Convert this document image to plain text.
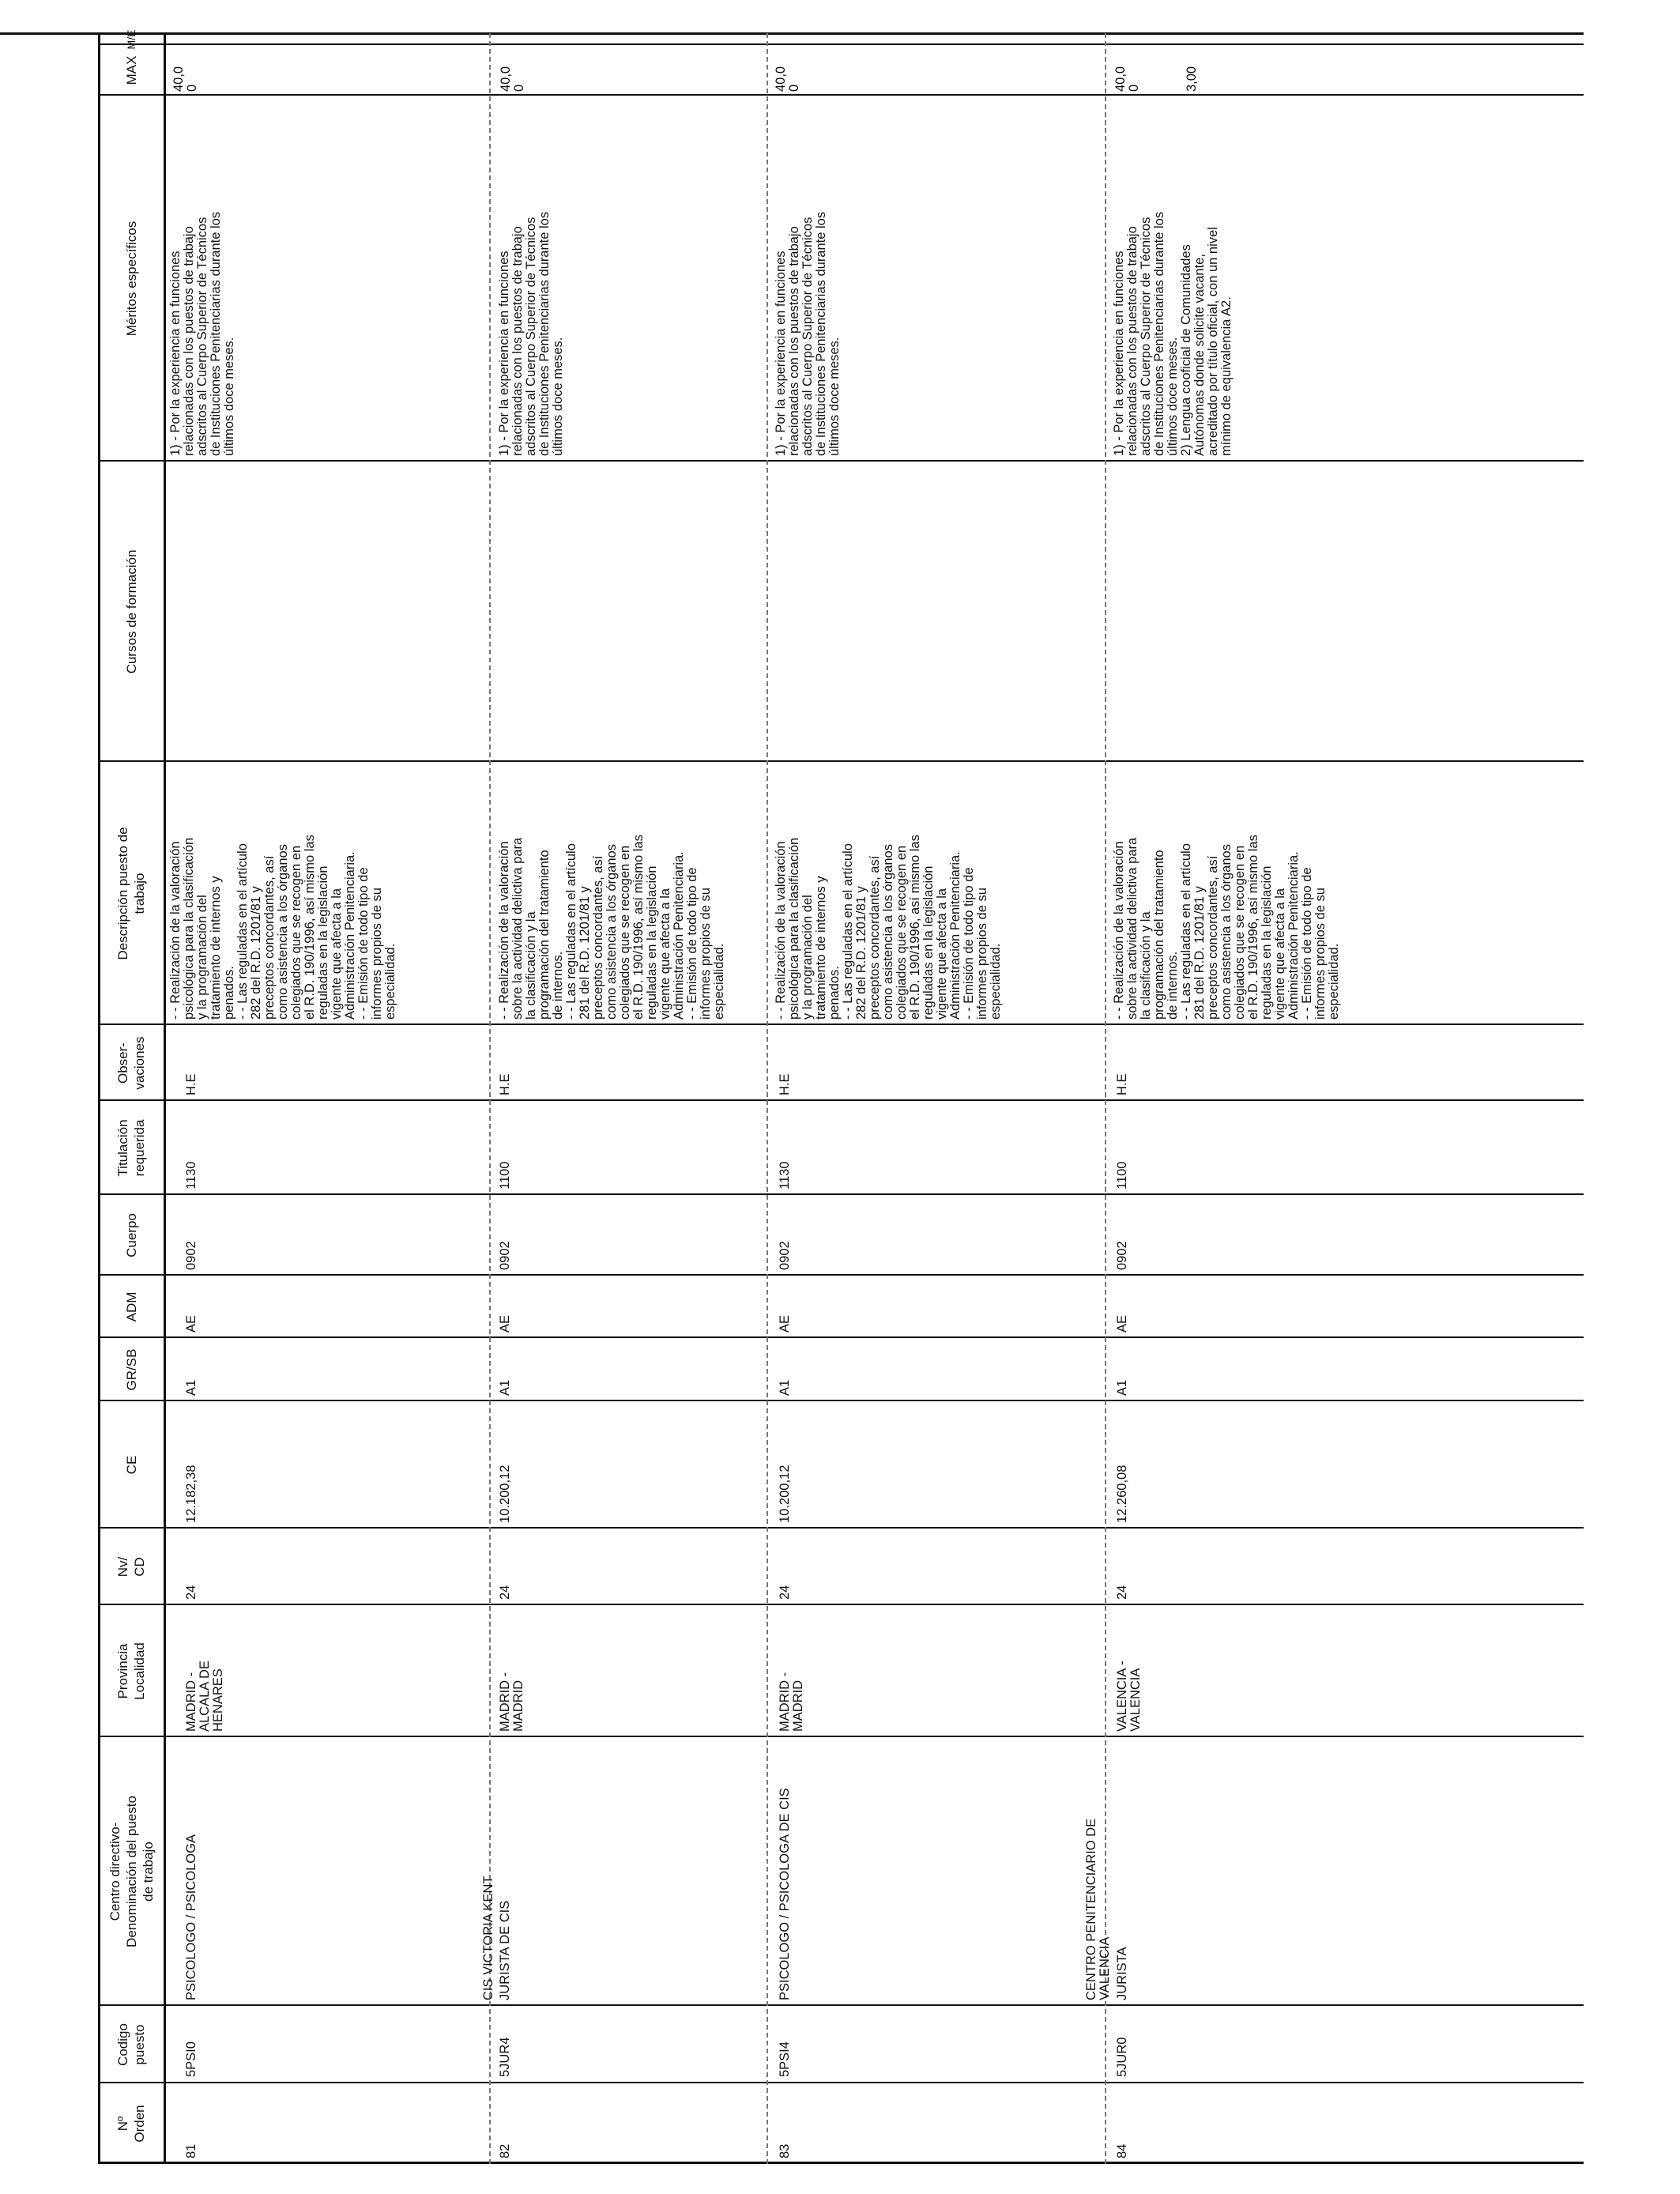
Nº
Orden
Codigo
puesto
Centro directivo-
Denominación del puesto
de trabajo
Provincia
Localidad
Nv/
CD
CE
GR/SB
ADM
Cuerpo
Titulación
requerida
Obser-
vaciones
Descripción puesto de
trabajo
Cursos de formación
Méritos específicos
MAX
M/E
81
5PSI0
PSICOLOGO / PSICOLOGA
MADRID -
ALCALA DE
HENARES
24
12.182,38
A1
AE
0902
1130
H.E
- - Realización de la valoración
psicológica para la clasificación
y la programación del
tratamiento de internos y
penados.
- - Las reguladas en el artículo
282 del R.D. 1201/81 y
preceptos concordantes, así
como asistencia a los órganos
colegiados que se recogen en
el R.D. 190/1996, así mismo las
reguladas en la legislación
vigente que afecta a la
Administración Penitenciaria.
- - Emisión de todo tipo de
informes propios de su
especialidad.
1) - Por la experiencia en funciones
relacionadas con los puestos de trabajo
adscritos al Cuerpo Superior de Técnicos
de Instituciones Penitenciarias durante los
últimos doce meses.
40,0
0
82
5JUR4
CIS VICTORIA KENT JURISTA DE CIS
MADRID -
MADRID
24
10.200,12
A1
AE
0902
1100
H.E
- - Realización de la valoración
sobre la actividad delictiva para
la clasificación y la
programación del tratamiento
de internos.
- - Las reguladas en el artículo
281 del R.D. 1201/81 y
preceptos concordantes, así
como asistencia a los órganos
colegiados que se recogen en
el R.D. 190/1996, así mismo las
reguladas en la legislación
vigente que afecta a la
Administración Penitenciaria.
- - Emisión de todo tipo de
informes propios de su
especialidad.
1) - Por la experiencia en funciones
relacionadas con los puestos de trabajo
adscritos al Cuerpo Superior de Técnicos
de Instituciones Penitenciarias durante los
últimos doce meses.
40,0
0
83
5PSI4
PSICOLOGO / PSICOLOGA DE CIS
MADRID -
MADRID
24
10.200,12
A1
AE
0902
1130
H.E
- - Realización de la valoración
psicológica para la clasificación
y la programación del
tratamiento de internos y
penados.
- - Las reguladas en el artículo
282 del R.D. 1201/81 y
preceptos concordantes, así
como asistencia a los órganos
colegiados que se recogen en
el R.D. 190/1996, así mismo las
reguladas en la legislación
vigente que afecta a la
Administración Penitenciaria.
- - Emisión de todo tipo de
informes propios de su
especialidad.
1) - Por la experiencia en funciones
relacionadas con los puestos de trabajo
adscritos al Cuerpo Superior de Técnicos
de Instituciones Penitenciarias durante los
últimos doce meses.
40,0
0
84
5JUR0
CENTRO PENITENCIARIO DE
VALENCIA JURISTA
VALENCIA -
VALENCIA
24
12.260,08
A1
AE
0902
1100
H.E
- - Realización de la valoración
sobre la actividad delictiva para
la clasificación y la
programación del tratamiento
de internos.
- - Las reguladas en el artículo
281 del R.D. 1201/81 y
preceptos concordantes, así
como asistencia a los órganos
colegiados que se recogen en
el R.D. 190/1996, así mismo las
reguladas en la legislación
vigente que afecta a la
Administración Penitenciaria.
- - Emisión de todo tipo de
informes propios de su
especialidad.
1) - Por la experiencia en funciones
relacionadas con los puestos de trabajo
adscritos al Cuerpo Superior de Técnicos
de Instituciones Penitenciarias durante los
últimos doce meses.
2) Lengua cooficial de Comunidades
Autónomas donde solicite vacante,
acreditado por título oficial, con un nivel
mínimo de equivalencia A2.
40,0
0	3,00
